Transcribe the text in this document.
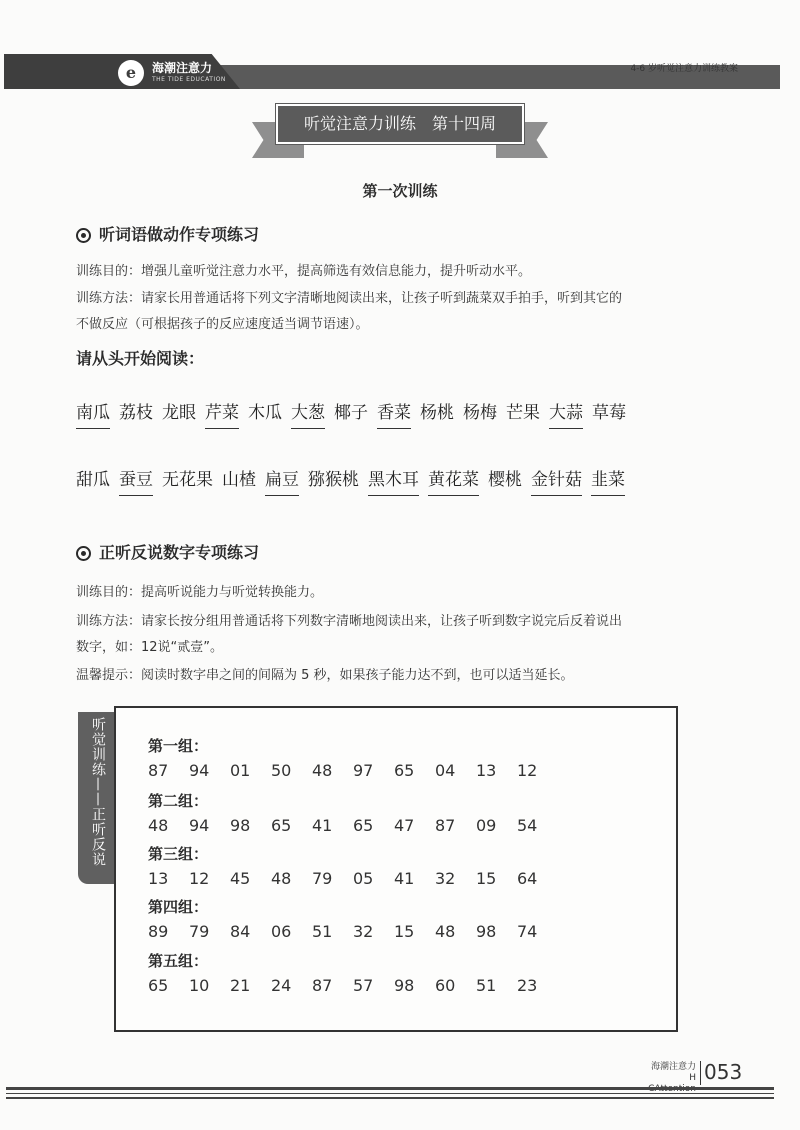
e	海潮注意力
THE TIDE EDUCATION
4-6 岁听觉注意力训练教案
听觉注意力训练　第十四周
第一次训练
听词语做动作专项练习
训练目的：增强儿童听觉注意力水平，提高筛选有效信息能力，提升听动水平。
训练方法：请家长用普通话将下列文字清晰地阅读出来，让孩子听到蔬菜双手拍手，听到其它的
不做反应（可根据孩子的反应速度适当调节语速）。
请从头开始阅读：
南瓜 荔枝 龙眼 芹菜 木瓜 大葱 椰子 香菜 杨桃 杨梅 芒果 大蒜 草莓
甜瓜 蚕豆 无花果 山楂 扁豆 猕猴桃 黑木耳 黄花菜 樱桃 金针菇 韭菜
正听反说数字专项练习
训练目的：提高听说能力与听觉转换能力。
训练方法：请家长按分组用普通话将下列数字清晰地阅读出来，让孩子听到数字说完后反着说出
数字，如：12说“贰壹”。
温馨提示：阅读时数字串之间的间隔为 5 秒，如果孩子能力达不到，也可以适当延长。
听觉训练——正听反说	第一组：
87	94	01	50	48	97	65	04	13	12
第二组：
48	94	98	65	41	65	47	87	09	54
第三组：
13	12	45	48	79	05	41	32	15	64
第四组：
89	79	84	06	51	32	15	48	98	74
第五组：
65	10	21	24	87	57	98	60	51	23
海潮注意力
H 053
